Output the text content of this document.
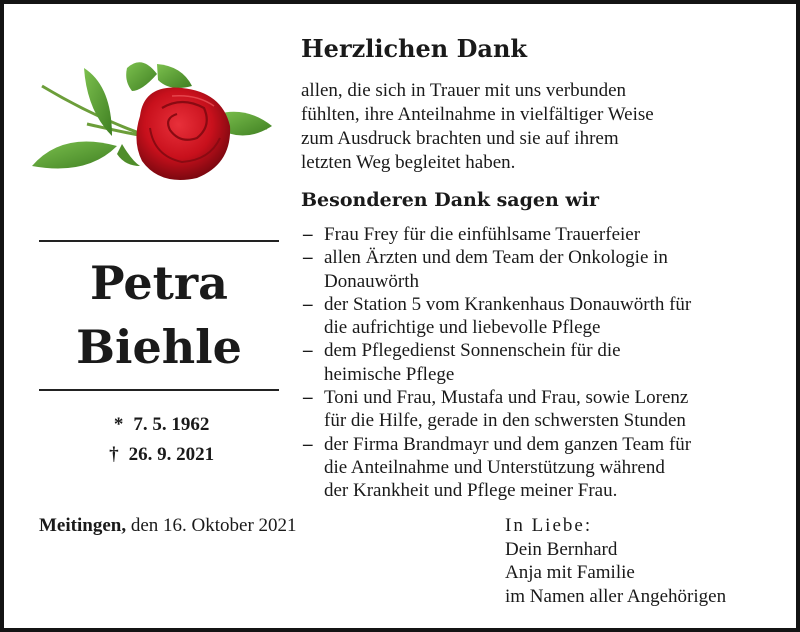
Petra
Biehle
* 7. 5. 1962
† 26. 9. 2021
Herzlichen Dank
allen, die sich in Trauer mit uns verbunden
fühlten, ihre Anteilnahme in vielfältiger Weise
zum Ausdruck brachten und sie auf ihrem
letzten Weg begleitet haben.
Besonderen Dank sagen wir
– Frau Frey für die einfühlsame Trauerfeier
– allen Ärzten und dem Team der Onkologie in
Donauwörth
– der Station 5 vom Krankenhaus Donauwörth für
die aufrichtige und liebevolle Pflege
– dem Pflegedienst Sonnenschein für die
heimische Pflege
– Toni und Frau, Mustafa und Frau, sowie Lorenz
für die Hilfe, gerade in den schwersten Stunden
– der Firma Brandmayr und dem ganzen Team für
die Anteilnahme und Unterstützung während
der Krankheit und Pflege meiner Frau.
Meitingen, den 16. Oktober 2021	In Liebe:
Dein Bernhard
Anja mit Familie
im Namen aller Angehörigen
